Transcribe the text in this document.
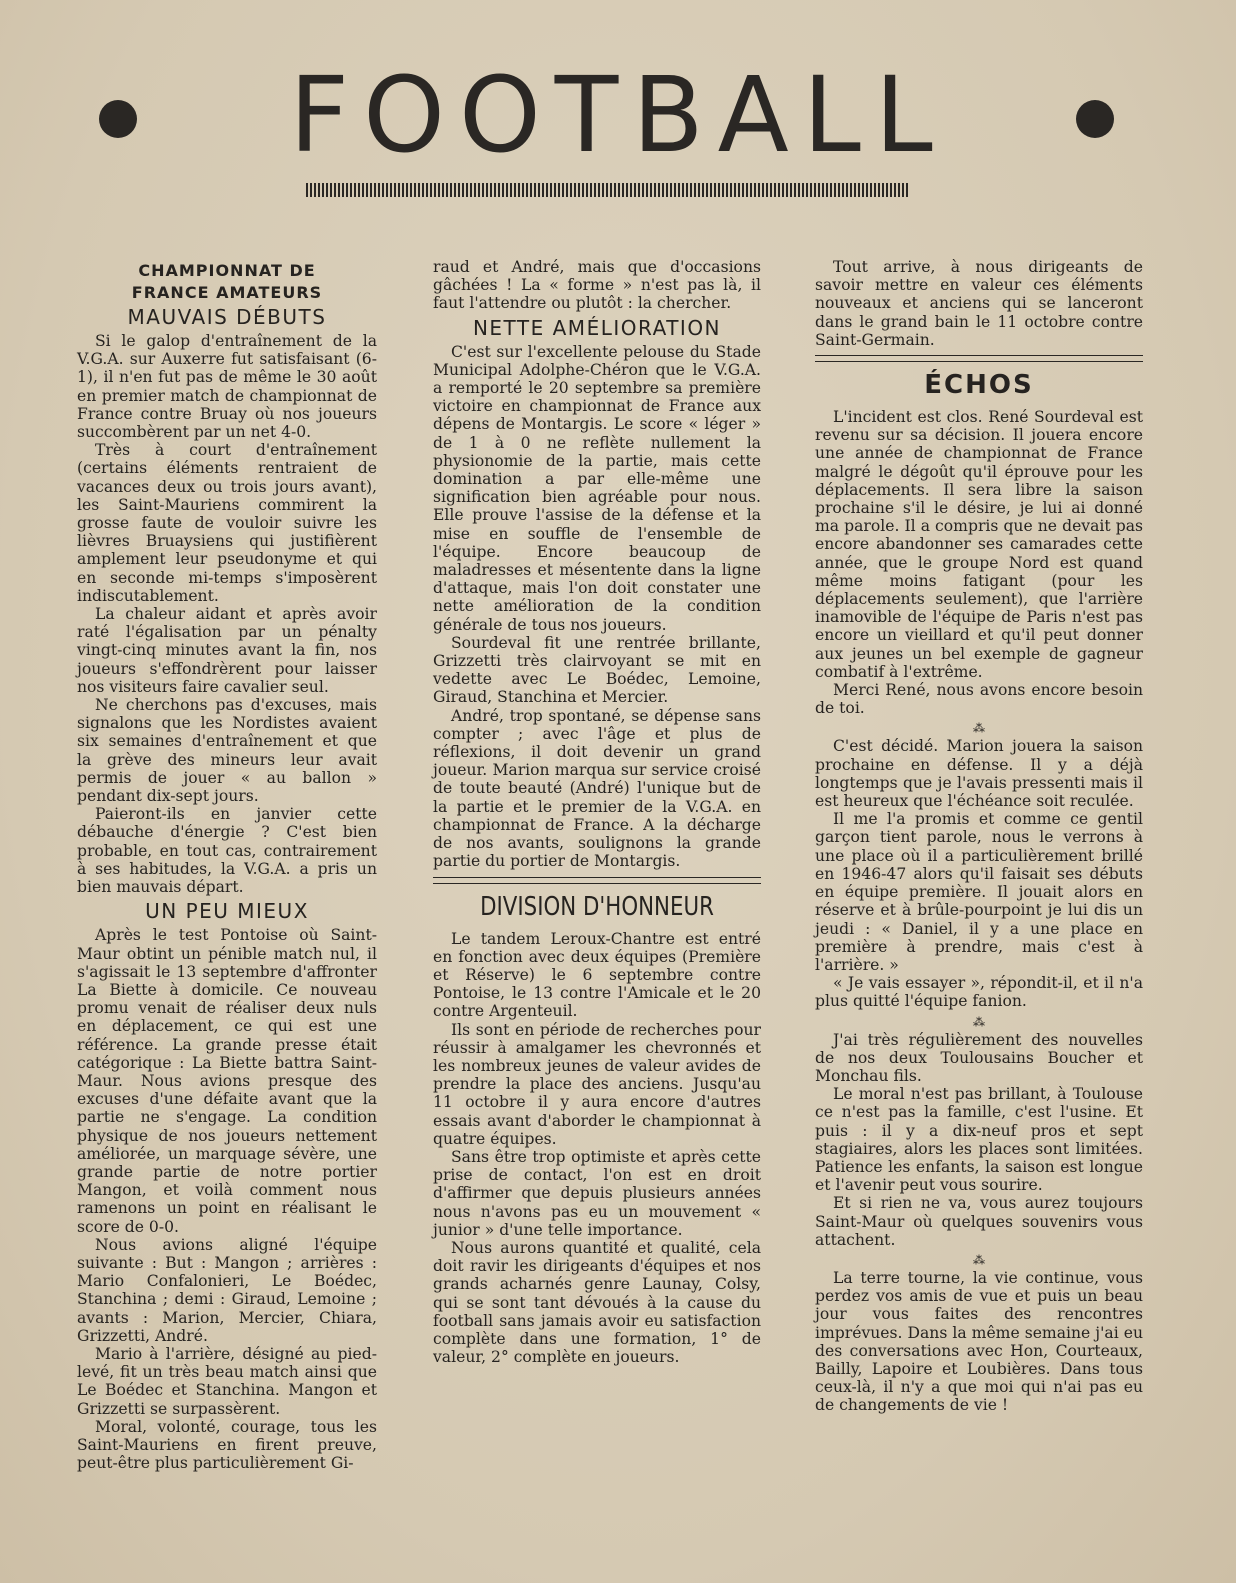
FOOTBALL
CHAMPIONNAT DE
FRANCE AMATEURS
MAUVAIS DÉBUTS

Si le galop d'entraînement de la V.G.A. sur Auxerre fut satisfaisant (6-1), il n'en fut pas de même le 30 août en premier match de championnat de France contre Bruay où nos joueurs succombèrent par un net 4-0.

Très à court d'entraînement (certains éléments rentraient de vacances deux ou trois jours avant), les Saint-Mauriens commirent la grosse faute de vouloir suivre les lièvres Bruaysiens qui justifièrent amplement leur pseudonyme et qui en seconde mi-temps s'imposèrent indiscutablement.

La chaleur aidant et après avoir raté l'égalisation par un pénalty vingt-cinq minutes avant la fin, nos joueurs s'effondrèrent pour laisser nos visiteurs faire cavalier seul.

Ne cherchons pas d'excuses, mais signalons que les Nordistes avaient six semaines d'entraînement et que la grève des mineurs leur avait permis de jouer « au ballon » pendant dix-sept jours.

Paieront-ils en janvier cette débauche d'énergie ? C'est bien probable, en tout cas, contrairement à ses habitudes, la V.G.A. a pris un bien mauvais départ.

UN PEU MIEUX

Après le test Pontoise où Saint-Maur obtint un pénible match nul, il s'agissait le 13 septembre d'affronter La Biette à domicile. Ce nouveau promu venait de réaliser deux nuls en déplacement, ce qui est une référence. La grande presse était catégorique : La Biette battra Saint-Maur. Nous avions presque des excuses d'une défaite avant que la partie ne s'engage. La condition physique de nos joueurs nettement améliorée, un marquage sévère, une grande partie de notre portier Mangon, et voilà comment nous ramenons un point en réalisant le score de 0-0.

Nous avions aligné l'équipe suivante : But : Mangon ; arrières : Mario Confalonieri, Le Boédec, Stanchina ; demi : Giraud, Lemoine ; avants : Marion, Mercier, Chiara, Grizzetti, André.

Mario à l'arrière, désigné au pied-levé, fit un très beau match ainsi que Le Boédec et Stanchina. Mangon et Grizzetti se surpassèrent.

Moral, volonté, courage, tous les Saint-Mauriens en firent preuve, peut-être plus particulièrement Gi-

raud et André, mais que d'occasions gâchées ! La « forme » n'est pas là, il faut l'attendre ou plutôt : la chercher.

NETTE AMÉLIORATION

C'est sur l'excellente pelouse du Stade Municipal Adolphe-Chéron que le V.G.A. a remporté le 20 septembre sa première victoire en championnat de France aux dépens de Montargis. Le score « léger » de 1 à 0 ne reflète nullement la physionomie de la partie, mais cette domination a par elle-même une signification bien agréable pour nous. Elle prouve l'assise de la défense et la mise en souffle de l'ensemble de l'équipe. Encore beaucoup de maladresses et mésentente dans la ligne d'attaque, mais l'on doit constater une nette amélioration de la condition générale de tous nos joueurs.

Sourdeval fit une rentrée brillante, Grizzetti très clairvoyant se mit en vedette avec Le Boédec, Lemoine, Giraud, Stanchina et Mercier.

André, trop spontané, se dépense sans compter ; avec l'âge et plus de réflexions, il doit devenir un grand joueur. Marion marqua sur service croisé de toute beauté (André) l'unique but de la partie et le premier de la V.G.A. en championnat de France. A la décharge de nos avants, soulignons la grande partie du portier de Montargis.

DIVISION D'HONNEUR

Le tandem Leroux-Chantre est entré en fonction avec deux équipes (Première et Réserve) le 6 septembre contre Pontoise, le 13 contre l'Amicale et le 20 contre Argenteuil.

Ils sont en période de recherches pour réussir à amalgamer les chevronnés et les nombreux jeunes de valeur avides de prendre la place des anciens. Jusqu'au 11 octobre il y aura encore d'autres essais avant d'aborder le championnat à quatre équipes.

Sans être trop optimiste et après cette prise de contact, l'on est en droit d'affirmer que depuis plusieurs années nous n'avons pas eu un mouvement « junior » d'une telle importance.

Nous aurons quantité et qualité, cela doit ravir les dirigeants d'équipes et nos grands acharnés genre Launay, Colsy, qui se sont tant dévoués à la cause du football sans jamais avoir eu satisfaction complète dans une formation, 1° de valeur, 2° complète en joueurs.

Tout arrive, à nous dirigeants de savoir mettre en valeur ces éléments nouveaux et anciens qui se lanceront dans le grand bain le 11 octobre contre Saint-Germain.

ÉCHOS

L'incident est clos. René Sourdeval est revenu sur sa décision. Il jouera encore une année de championnat de France malgré le dégoût qu'il éprouve pour les déplacements. Il sera libre la saison prochaine s'il le désire, je lui ai donné ma parole. Il a compris que ne devait pas encore abandonner ses camarades cette année, que le groupe Nord est quand même moins fatigant (pour les déplacements seulement), que l'arrière inamovible de l'équipe de Paris n'est pas encore un vieillard et qu'il peut donner aux jeunes un bel exemple de gagneur combatif à l'extrême.

Merci René, nous avons encore besoin de toi.

⁂

C'est décidé. Marion jouera la saison prochaine en défense. Il y a déjà longtemps que je l'avais pressenti mais il est heureux que l'échéance soit reculée.

Il me l'a promis et comme ce gentil garçon tient parole, nous le verrons à une place où il a particulièrement brillé en 1946-47 alors qu'il faisait ses débuts en équipe première. Il jouait alors en réserve et à brûle-pourpoint je lui dis un jeudi : « Daniel, il y a une place en première à prendre, mais c'est à l'arrière. »

« Je vais essayer », répondit-il, et il n'a plus quitté l'équipe fanion.

⁂

J'ai très régulièrement des nouvelles de nos deux Toulousains Boucher et Monchau fils.

Le moral n'est pas brillant, à Toulouse ce n'est pas la famille, c'est l'usine. Et puis : il y a dix-neuf pros et sept stagiaires, alors les places sont limitées. Patience les enfants, la saison est longue et l'avenir peut vous sourire.

Et si rien ne va, vous aurez toujours Saint-Maur où quelques souvenirs vous attachent.

⁂

La terre tourne, la vie continue, vous perdez vos amis de vue et puis un beau jour vous faites des rencontres imprévues. Dans la même semaine j'ai eu des conversations avec Hon, Courteaux, Bailly, Lapoire et Loubières. Dans tous ceux-là, il n'y a que moi qui n'ai pas eu de changements de vie !
